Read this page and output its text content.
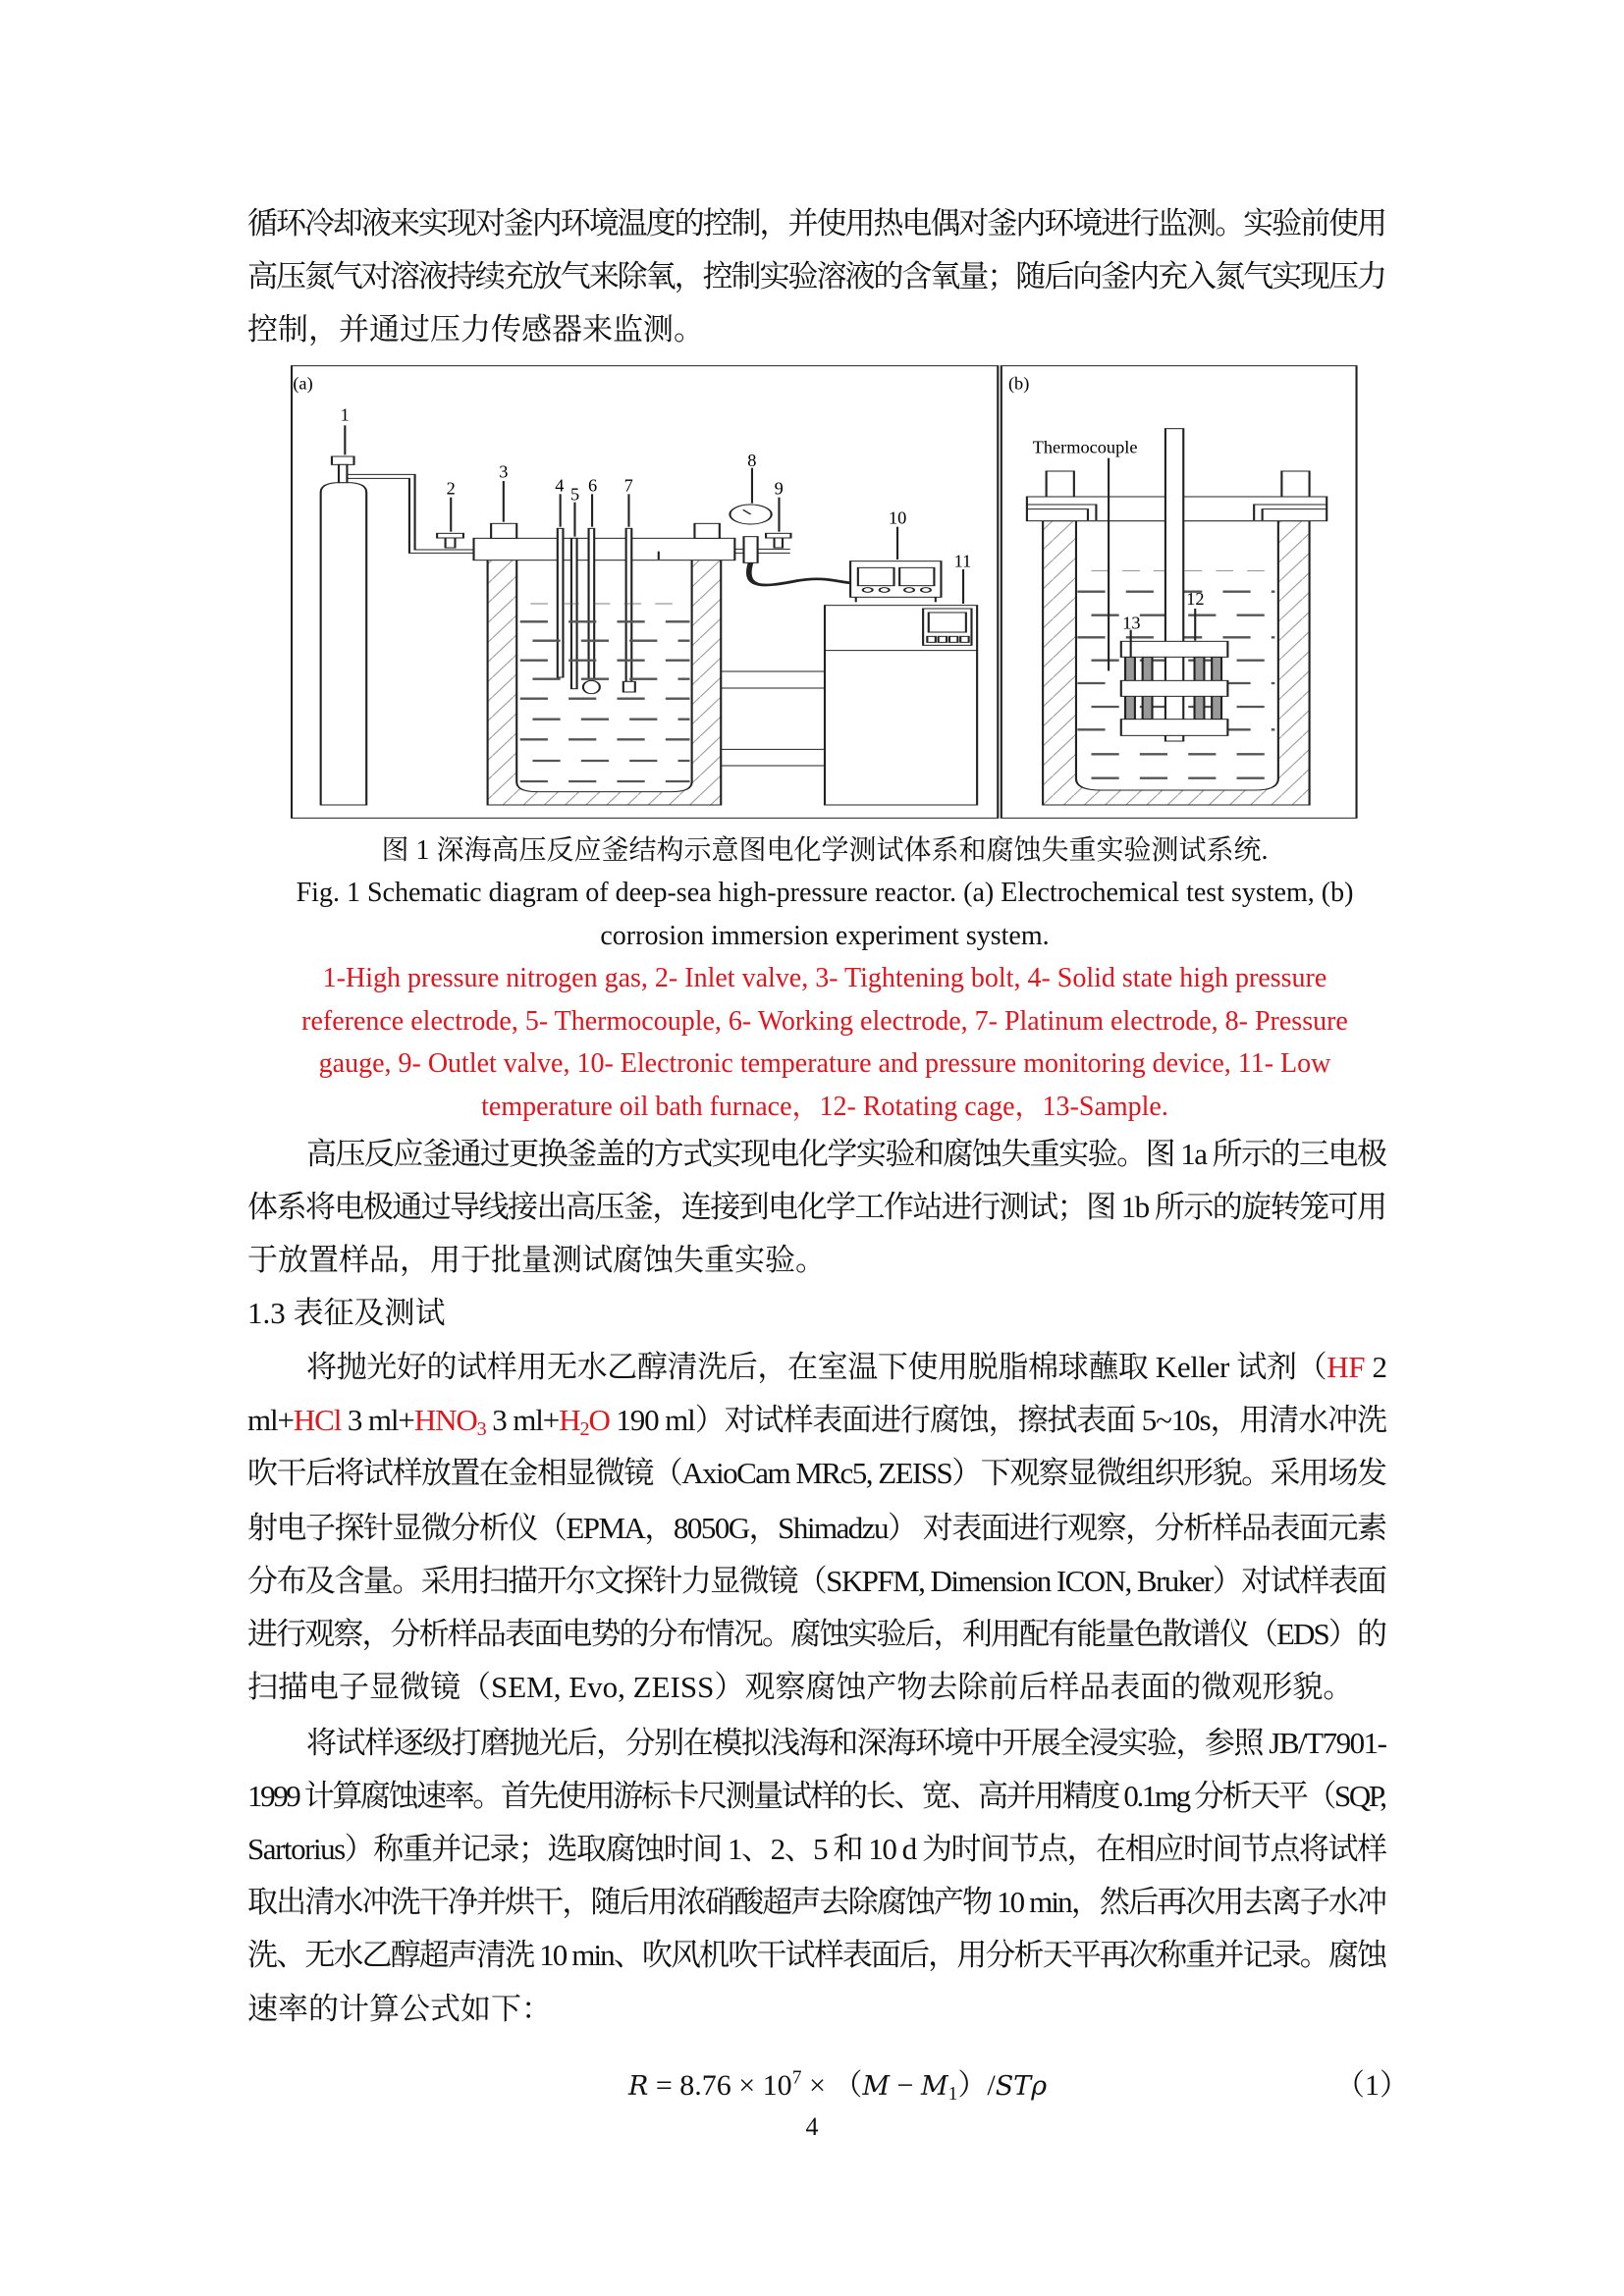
循环冷却液来实现对釜内环境温度的控制，并使用热电偶对釜内环境进行监测。实验前使用
高压氮气对溶液持续充放气来除氧，控制实验溶液的含氧量；随后向釜内充入氮气实现压力
控制，并通过压力传感器来监测。
(a)	(b)
1
2
3
4 5 6 7
8
9
10
11
12
13
Thermocouple
图 1 深海高压反应釜结构示意图电化学测试体系和腐蚀失重实验测试系统.
Fig. 1 Schematic diagram of deep-sea high-pressure reactor. (a) Electrochemical test system, (b)
corrosion immersion experiment system.
1-High pressure nitrogen gas, 2- Inlet valve, 3- Tightening bolt, 4- Solid state high pressure
reference electrode, 5- Thermocouple, 6- Working electrode, 7- Platinum electrode, 8- Pressure
gauge, 9- Outlet valve, 10- Electronic temperature and pressure monitoring device, 11- Low
temperature oil bath furnace，12- Rotating cage，13-Sample.
高压反应釜通过更换釜盖的方式实现电化学实验和腐蚀失重实验。图 1a 所示的三电极
体系将电极通过导线接出高压釜，连接到电化学工作站进行测试；图 1b 所示的旋转笼可用
于放置样品，用于批量测试腐蚀失重实验。
1.3 表征及测试
将抛光好的试样用无水乙醇清洗后，在室温下使用脱脂棉球蘸取 Keller 试剂（HF 2
ml+HCl 3 $ml+HNO_3$ 3 $ml+H_2O$ 190 ml）对试样表面进行腐蚀，擦拭表面 5~10s，用清水冲洗
吹干后将试样放置在金相显微镜（AxioCam MRc5, ZEISS）下观察显微组织形貌。采用场发
射电子探针显微分析仪（EPMA，8050G，Shimadzu） 对表面进行观察，分析样品表面元素
分布及含量。采用扫描开尔文探针力显微镜（SKPFM, Dimension ICON, Bruker）对试样表面
进行观察，分析样品表面电势的分布情况。腐蚀实验后，利用配有能量色散谱仪（EDS）的
扫描电子显微镜（SEM, Evo, ZEISS）观察腐蚀产物去除前后样品表面的微观形貌。
将试样逐级打磨抛光后，分别在模拟浅海和深海环境中开展全浸实验，参照 JB/T7901-
1999 计算腐蚀速率。首先使用游标卡尺测量试样的长、宽、高并用精度 0.1mg 分析天平（SQP,
Sartorius）称重并记录；选取腐蚀时间 1、2、5 和 10 d 为时间节点，在相应时间节点将试样
取出清水冲洗干净并烘干，随后用浓硝酸超声去除腐蚀产物 10 min，然后再次用去离子水冲
洗、无水乙醇超声清洗 10 min、吹风机吹干试样表面后，用分析天平再次称重并记录。腐蚀
速率的计算公式如下：
$R = 8.76 \times 10^7 \times (M - M_1)/ST\rho$	（1）
4
